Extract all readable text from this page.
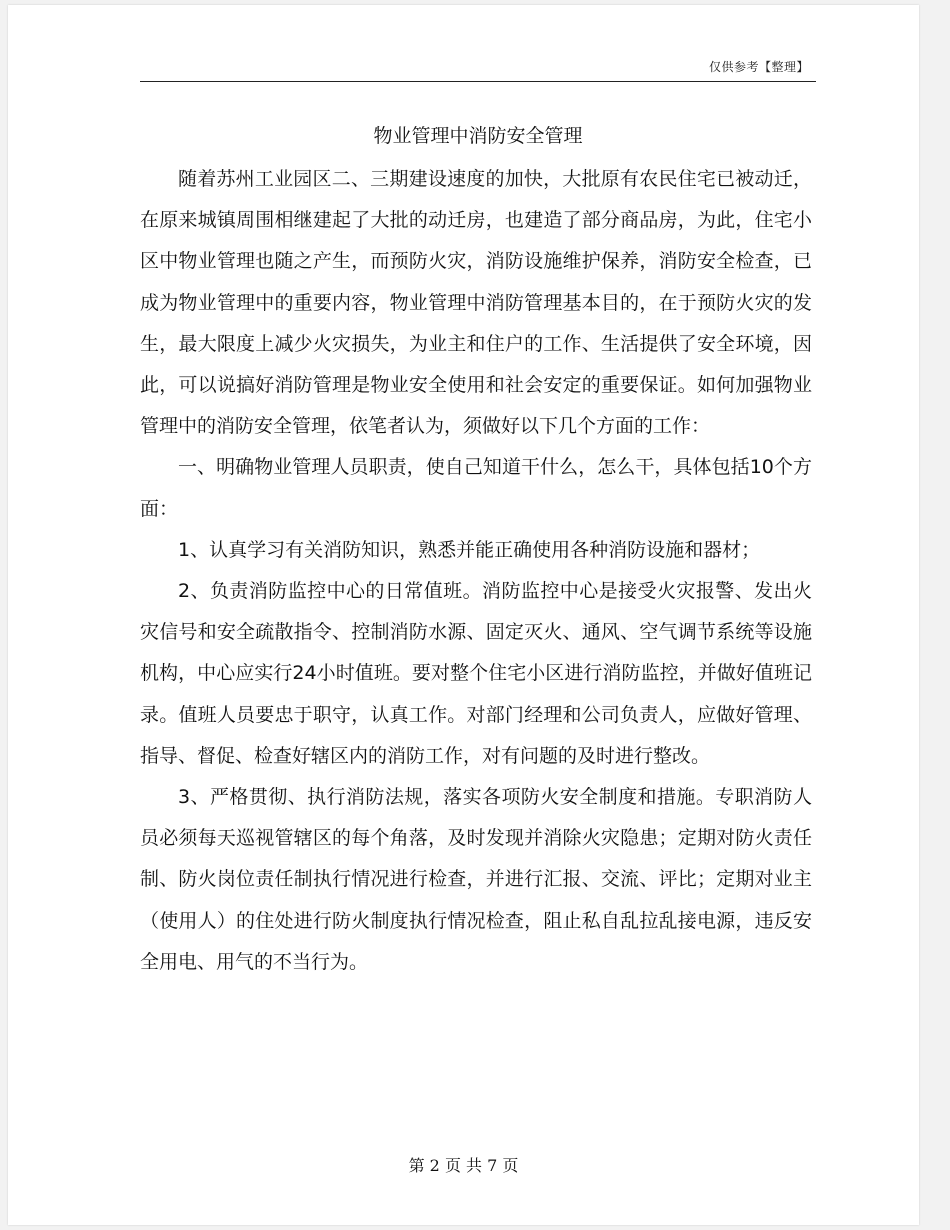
仅供参考【整理】
物业管理中消防安全管理

随着苏州工业园区二、三期建设速度的加快，大批原有农民住宅已被动迁，在原来城镇周围相继建起了大批的动迁房，也建造了部分商品房，为此，住宅小区中物业管理也随之产生，而预防火灾，消防设施维护保养，消防安全检查，已成为物业管理中的重要内容，物业管理中消防管理基本目的，在于预防火灾的发生，最大限度上减少火灾损失，为业主和住户的工作、生活提供了安全环境，因此，可以说搞好消防管理是物业安全使用和社会安定的重要保证。如何加强物业管理中的消防安全管理，依笔者认为，须做好以下几个方面的工作：

一、明确物业管理人员职责，使自己知道干什么，怎么干，具体包括10个方面：

1、认真学习有关消防知识，熟悉并能正确使用各种消防设施和器材；

2、负责消防监控中心的日常值班。消防监控中心是接受火灾报警、发出火灾信号和安全疏散指令、控制消防水源、固定灭火、通风、空气调节系统等设施机构，中心应实行24小时值班。要对整个住宅小区进行消防监控，并做好值班记录。值班人员要忠于职守，认真工作。对部门经理和公司负责人，应做好管理、指导、督促、检查好辖区内的消防工作，对有问题的及时进行整改。

3、严格贯彻、执行消防法规，落实各项防火安全制度和措施。专职消防人员必须每天巡视管辖区的每个角落，及时发现并消除火灾隐患；定期对防火责任制、防火岗位责任制执行情况进行检查，并进行汇报、交流、评比；定期对业主（使用人）的住处进行防火制度执行情况检查，阻止私自乱拉乱接电源，违反安全用电、用气的不当行为。

第 2 页 共 7 页
